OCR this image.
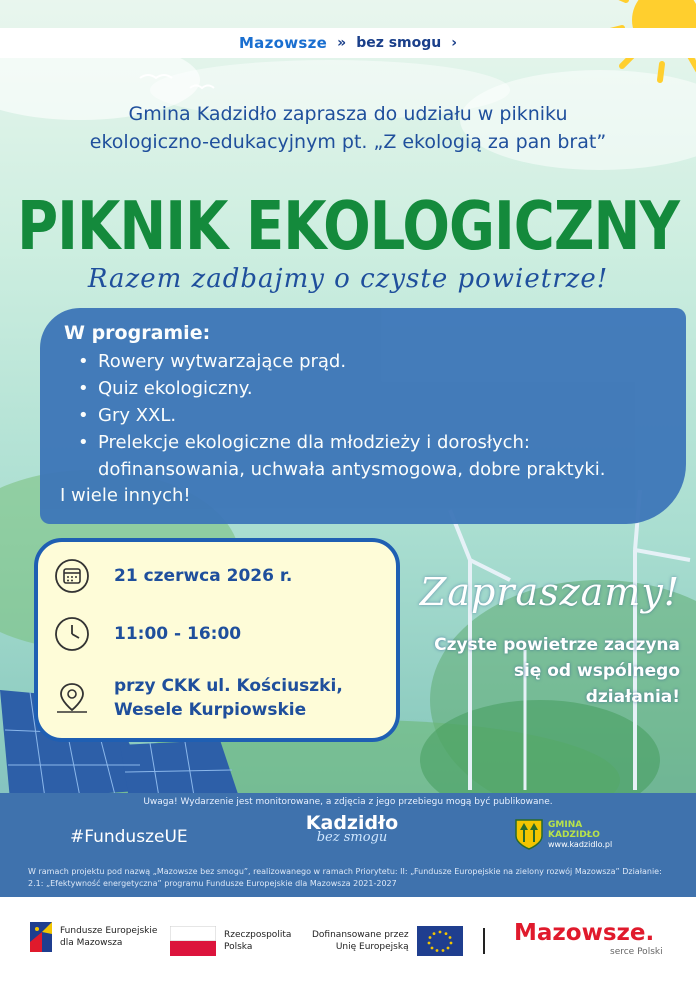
Mazowsze » bez smogu ›
Gmina Kadzidło zaprasza do udziału w pikniku
ekologiczno-edukacyjnym pt. „Z ekologią za pan brat”
PIKNIK EKOLOGICZNY
Razem zadbajmy o czyste powietrze!
W programie:
• Rowery wytwarzające prąd.
• Quiz ekologiczny.
• Gry XXL.
• Prelekcje ekologiczne dla młodzieży i dorosłych: dofinansowania, uchwała antysmogowa, dobre praktyki.
I wiele innych!
21 czerwca 2026 r.
11:00 - 16:00
przy CKK ul. Kościuszki,
Wesele Kurpiowskie
Zapraszamy!
Czyste powietrze zaczyna
się od wspólnego
działania!
Uwaga! Wydarzenie jest monitorowane, a zdjęcia z jego przebiegu mogą być publikowane.
#FunduszeUE
Kadzidło
bez smogu
GMINA
KADZIDŁO
www.kadzidlo.pl
W ramach projektu pod nazwą „Mazowsze bez smogu”, realizowanego w ramach Priorytetu: II: „Fundusze Europejskie na zielony rozwój Mazowsza” Działanie: 2.1: „Efektywność energetyczna” programu Fundusze Europejskie dla Mazowsza 2021-2027
Fundusze Europejskie
dla Mazowsza
Rzeczpospolita
Polska
Dofinansowane przez
Unię Europejską
Mazowsze.
serce Polski
